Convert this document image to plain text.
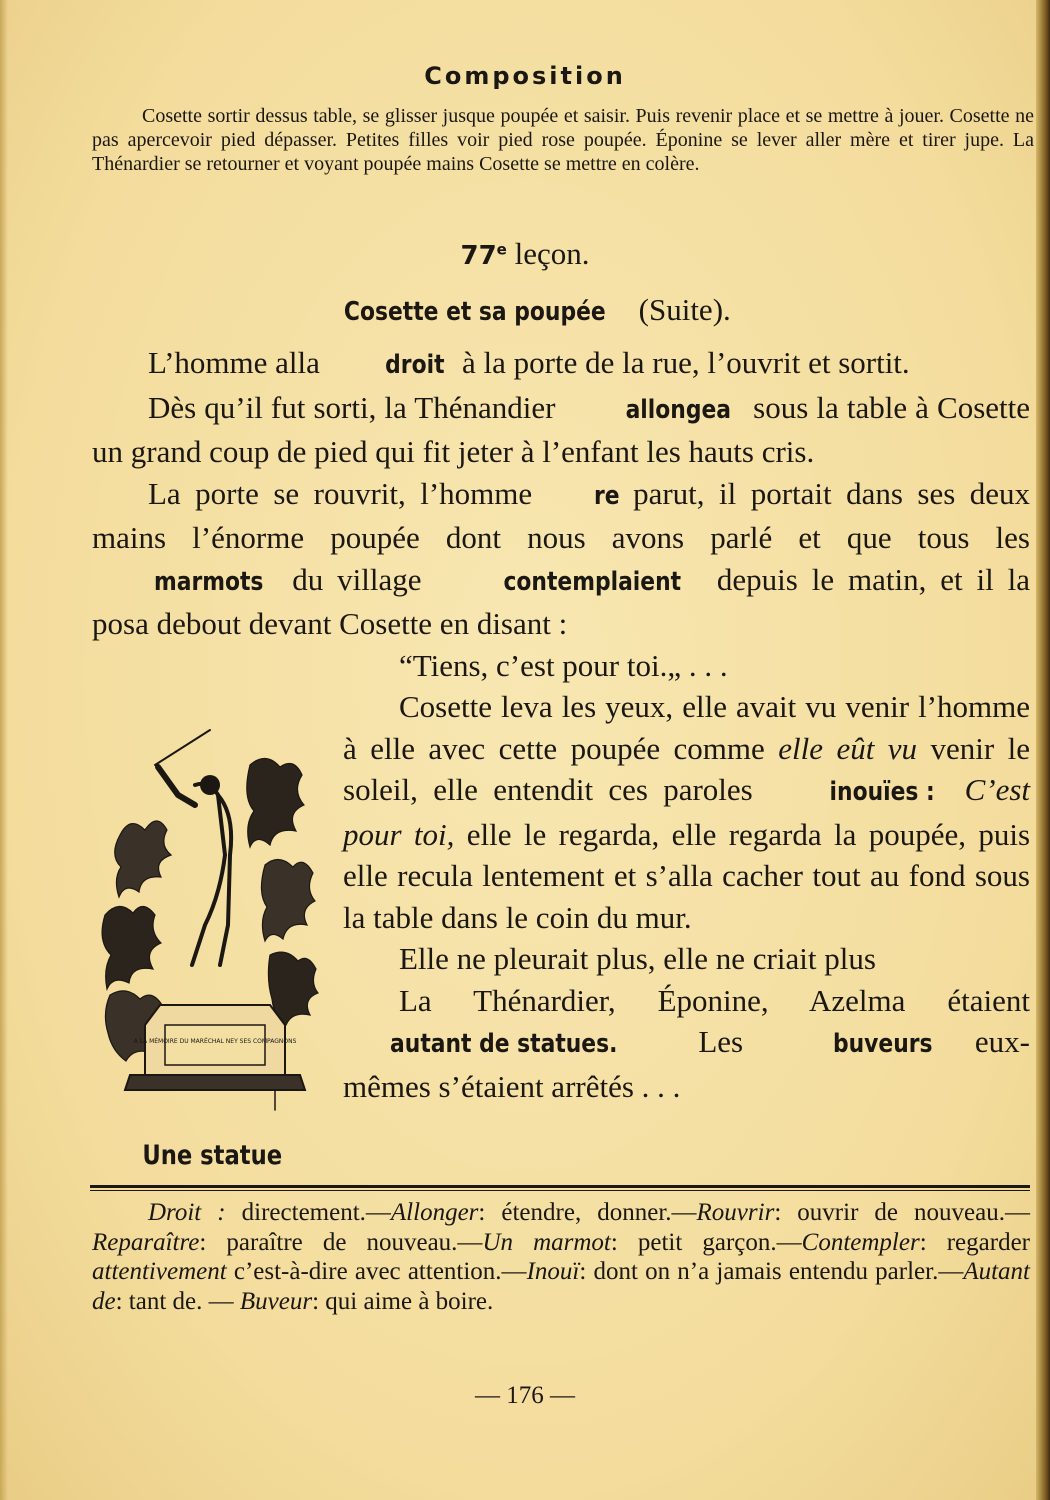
Composition

Cosette sortir dessus table, se glisser jusque poupée et saisir. Puis revenir place et se mettre à jouer. Cosette ne pas apercevoir pied dépasser. Petites filles voir pied rose poupée. Éponine se lever aller mère et tirer jupe. La Thénardier se retourner et voyant poupée mains Cosette se mettre en colère.

77e leçon.
Cosette et sa poupée (Suite).

L’homme alla droit à la porte de la rue, l’ouvrit et sortit.

Dès qu’il fut sorti, la Thénandier	allongea sous la table à Cosette un grand coup de pied qui fit jeter à l’enfant les hauts cris.

La porte se rouvrit, l’homme re parut, il portait dans ses deux mains l’énorme poupée dont nous avons parlé et que tous les marmots du village	contemplaient depuis le matin, et il la posa debout devant Cosette en disant :

“Tiens, c’est pour toi.„ . . .

Cosette leva les yeux, elle avait vu venir l’homme à elle avec cette poupée comme elle eût vu venir le soleil, elle entendit ces paroles	inouïes : C’est pour toi, elle le regarda, elle regarda la poupée, puis elle recula lentement et s’alla cacher tout au fond sous la table dans le coin du mur.

Elle ne pleurait plus, elle ne criait plus

La Thénardier, Éponine, Azelma étaient autant de statues.	Les	buveurs eux-mêmes s’étaient arrêtés . . .

A LA MÉMOIRE DU MARÉCHAL NEY SES COMPAGNONS
Une statue

Droit : directement.—Allonger: étendre, donner.—Rouvrir: ouvrir de nouveau.—Reparaître: paraître de nouveau.—Un marmot: petit garçon.—Contempler: regarder attentivement c’est-à-dire avec attention.—Inouï: dont on n’a jamais entendu parler.—Autant de: tant de. — Buveur: qui aime à boire.

— 176 —
